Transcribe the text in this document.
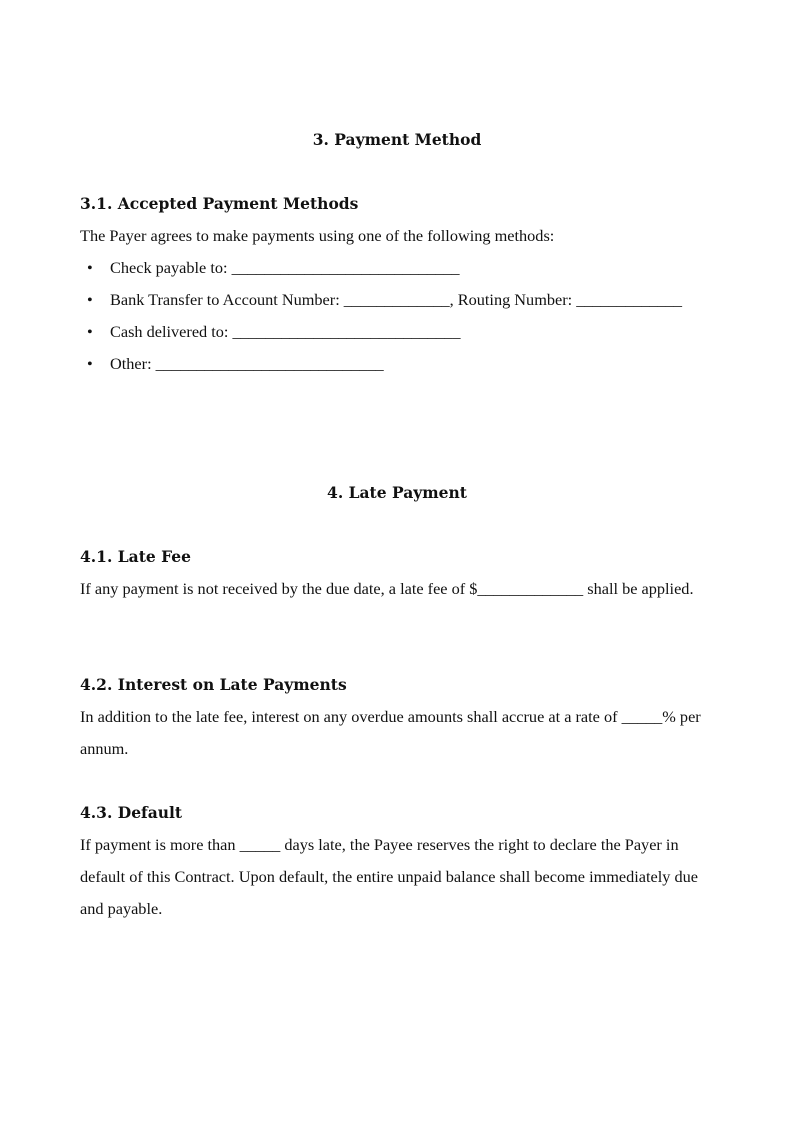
3. Payment Method
3.1. Accepted Payment Methods

The Payer agrees to make payments using one of the following methods:

• Check payable to: ____________________________
• Bank Transfer to Account Number: _____________, Routing Number: _____________
• Cash delivered to: ____________________________
• Other: ____________________________
4. Late Payment
4.1. Late Fee

If any payment is not received by the due date, a late fee of $_____________ shall be applied.

4.2. Interest on Late Payments

In addition to the late fee, interest on any overdue amounts shall accrue at a rate of _____% per annum.

4.3. Default

If payment is more than _____ days late, the Payee reserves the right to declare the Payer in default of this Contract. Upon default, the entire unpaid balance shall become immediately due and payable.
